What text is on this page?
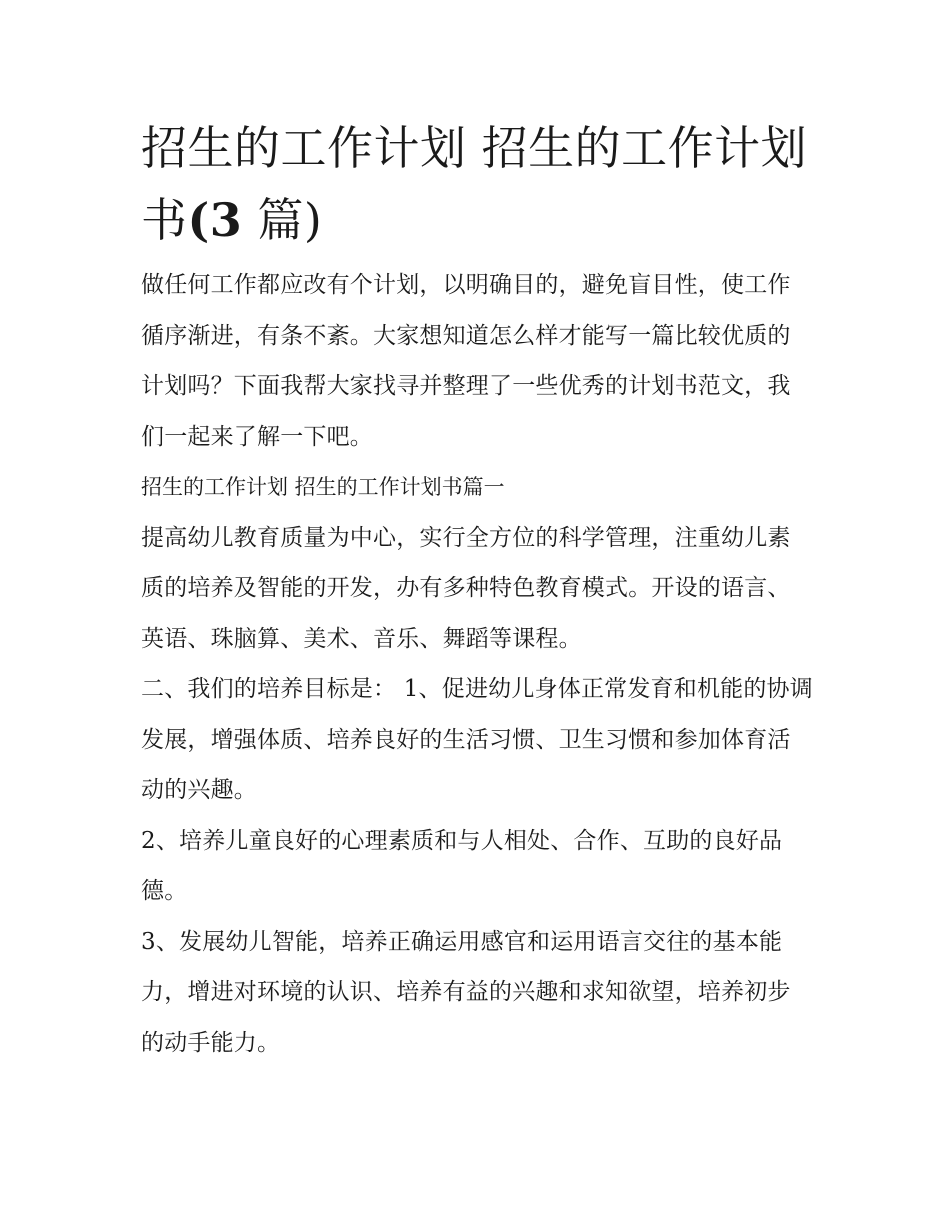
招生的工作计划 招生的工作计划书(3 篇)

做任何工作都应改有个计划，以明确目的，避免盲目性，使工作循序渐进，有条不紊。大家想知道怎么样才能写一篇比较优质的计划吗？下面我帮大家找寻并整理了一些优秀的计划书范文，我们一起来了解一下吧。

招生的工作计划 招生的工作计划书篇一

提高幼儿教育质量为中心，实行全方位的科学管理，注重幼儿素质的培养及智能的开发，办有多种特色教育模式。开设的语言、英语、珠脑算、美术、音乐、舞蹈等课程。

二、我们的培养目标是： 1、促进幼儿身体正常发育和机能的协调发展，增强体质、培养良好的生活习惯、卫生习惯和参加体育活动的兴趣。

2、培养儿童良好的心理素质和与人相处、合作、互助的良好品德。

3、发展幼儿智能，培养正确运用感官和运用语言交往的基本能力，增进对环境的认识、培养有益的兴趣和求知欲望，培养初步的动手能力。
